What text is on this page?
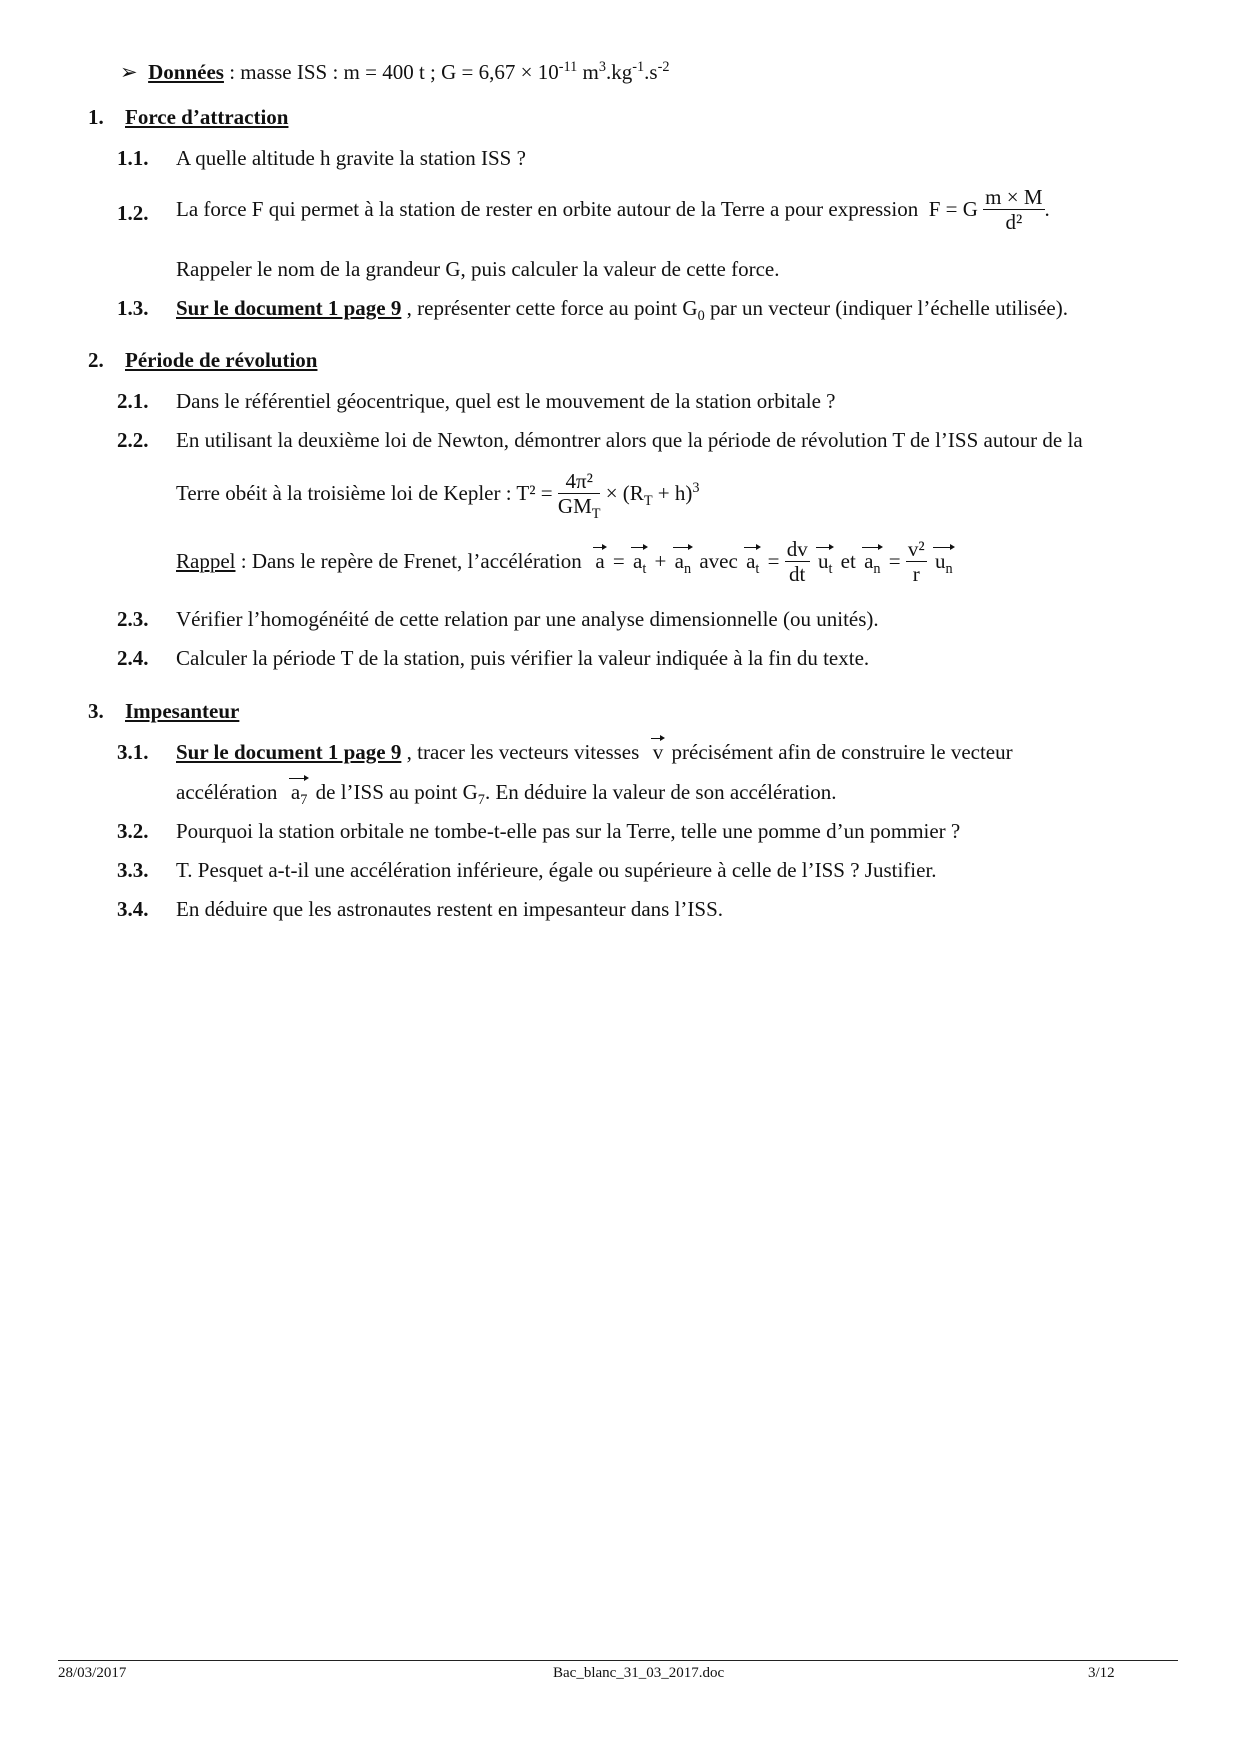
➢ Données : masse ISS : m = 400 t ; $G = 6,67 \times 10^{-11}$ $m^3.kg^{-1}.s^{-2}$
1. Force d’attraction
1.1. A quelle altitude h gravite la station ISS ?
1.2. La force F qui permet à la station de rester en orbite autour de la Terre a pour expression F = G $\frac{m \times M}{\text{d²}}$ .
Rappeler le nom de la grandeur G, puis calculer la valeur de cette force.
1.3. Sur le document 1 page 9 , représenter cette force au point $G_0$ par un vecteur (indiquer l’échelle utilisée).
2. Période de révolution
2.1. Dans le référentiel géocentrique, quel est le mouvement de la station orbitale ?
2.2. En utilisant la deuxième loi de Newton, démontrer alors que la période de révolution T de l’ISS autour de la
Terre obéit à la troisième loi de Kepler : $T^2 = \frac{\text{4π²}}{GM_T} \times (R_T + h)^3$
Rappel : Dans le repère de Frenet, l’accélération $a = a_t + a_n$ avec $a_t = \frac{dv}{dt} u_t$ et $a_n = \frac{\text{v²}}{r} u_n$
2.3. Vérifier l’homogénéité de cette relation par une analyse dimensionnelle (ou unités).
2.4. Calculer la période T de la station, puis vérifier la valeur indiquée à la fin du texte.
3. Impesanteur
3.1. Sur le document 1 page 9 , tracer les vecteurs vitesses v précisément afin de construire le vecteur
accélération $a_7$ de l’ISS au point $G_7$. En déduire la valeur de son accélération.
3.2. Pourquoi la station orbitale ne tombe-t-elle pas sur la Terre, telle une pomme d’un pommier ?
3.3. T. Pesquet a-t-il une accélération inférieure, égale ou supérieure à celle de l’ISS ? Justifier.
3.4. En déduire que les astronautes restent en impesanteur dans l’ISS.
28/03/2017	Bac_blanc_31_03_2017.doc	3/12
